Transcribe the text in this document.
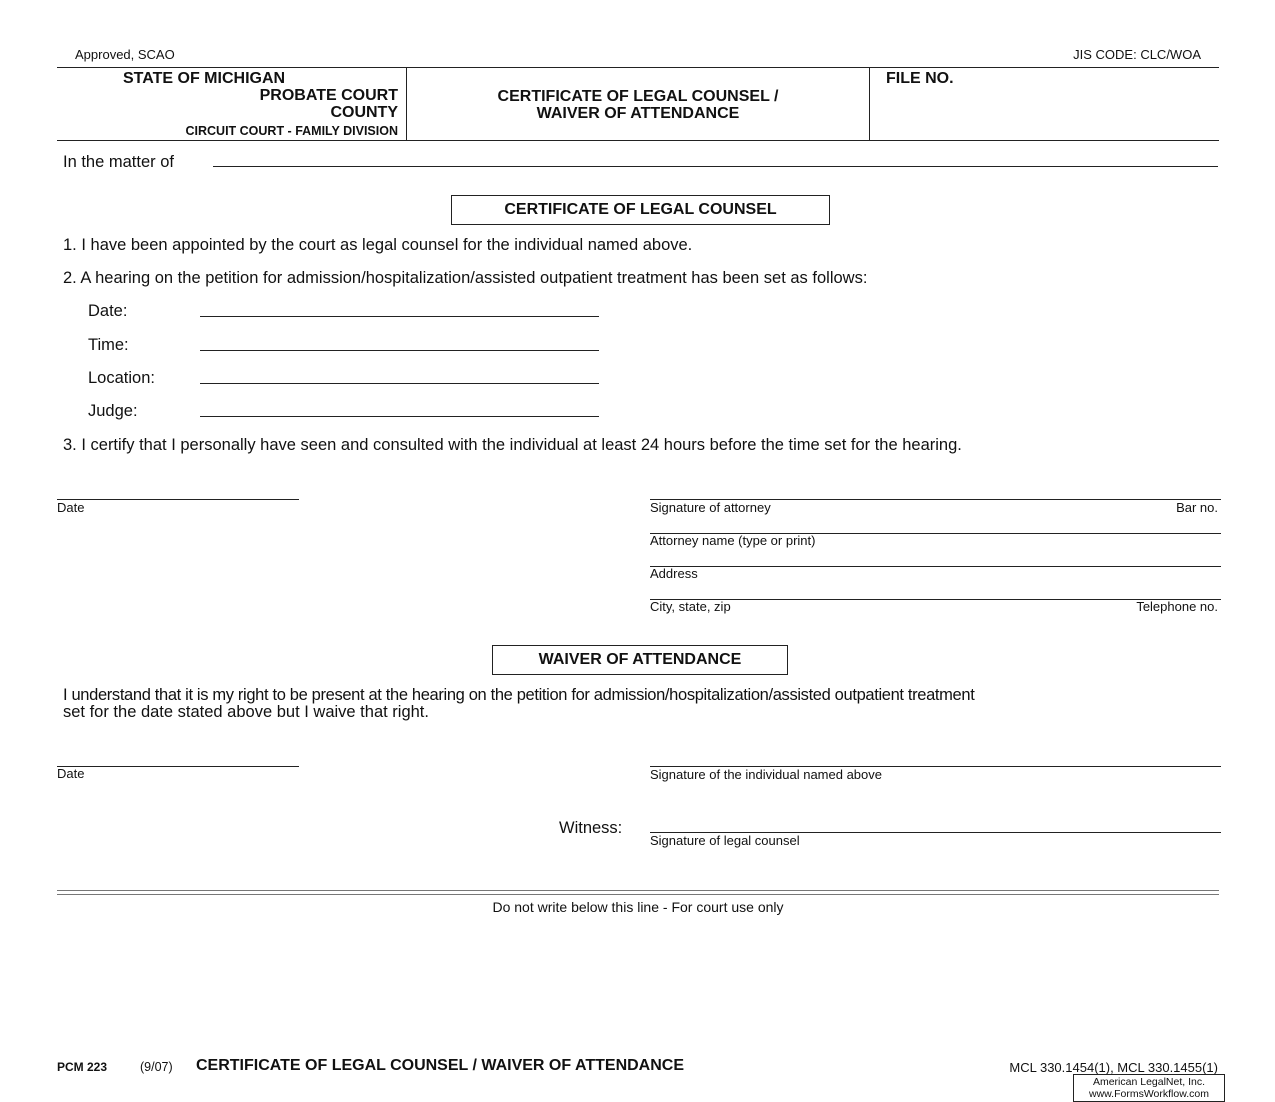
Approved, SCAO	JIS CODE: CLC/WOA
STATE OF MICHIGAN
PROBATE COURT
COUNTY
CIRCUIT COURT - FAMILY DIVISION
CERTIFICATE OF LEGAL COUNSEL /
WAIVER OF ATTENDANCE
FILE NO.
In the matter of
CERTIFICATE OF LEGAL COUNSEL
1. I have been appointed by the court as legal counsel for the individual named above.
2. A hearing on the petition for admission/hospitalization/assisted outpatient treatment has been set as follows:
Date:
Time:
Location:
Judge:
3. I certify that I personally have seen and consulted with the individual at least 24 hours before the time set for the hearing.
Date	Signature of attorney	Bar no.
Attorney name (type or print)
Address
City, state, zip	Telephone no.
WAIVER OF ATTENDANCE
I understand that it is my right to be present at the hearing on the petition for admission/hospitalization/assisted outpatient treatment
set for the date stated above but I waive that right.
Date	Signature of the individual named above
Witness:
Signature of legal counsel
Do not write below this line - For court use only
PCM 223	(9/07) CERTIFICATE OF LEGAL COUNSEL / WAIVER OF ATTENDANCE	MCL 330.1454(1), MCL 330.1455(1)
American LegalNet, Inc.
www.FormsWorkflow.com
